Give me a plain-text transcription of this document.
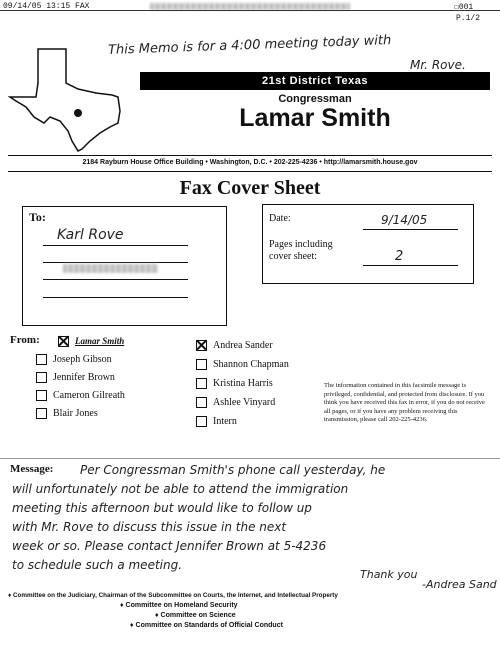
09/14/05 13:15 FAX	☐001
P.1/2
This Memo is for a 4:00 meeting today with
Mr. Rove.
21st District Texas
Congressman
Lamar Smith
2184 Rayburn House Office Building • Washington, D.C. • 202-225-4236 • http://lamarsmith.house.gov
Fax Cover Sheet
To:
Karl Rove
Date:	9/14/05
Pages including
cover sheet:	2
From:	Lamar Smith
Joseph Gibson
Jennifer Brown
Cameron Gilreath
Blair Jones
Andrea Sander
Shannon Chapman
Kristina Harris
Ashlee Vinyard
Intern
The information contained in this facsimile message is privileged, confidential, and protected from disclosure. If you think you have received this fax in error, if you do not receive all pages, or if you have any problem receiving this transmission, please call 202-225-4236.
Message: Per Congressman Smith's phone call yesterday, he
will unfortunately not be able to attend the immigration
meeting this afternoon but would like to follow up
with Mr. Rove to discuss this issue in the next
week or so. Please contact Jennifer Brown at 5-4236
to schedule such a meeting.
Thank you
-Andrea Sand
♦ Committee on the Judiciary, Chairman of the Subcommittee on Courts, the Internet, and Intellectual Property
♦ Committee on Homeland Security
♦ Committee on Science
♦ Committee on Standards of Official Conduct
